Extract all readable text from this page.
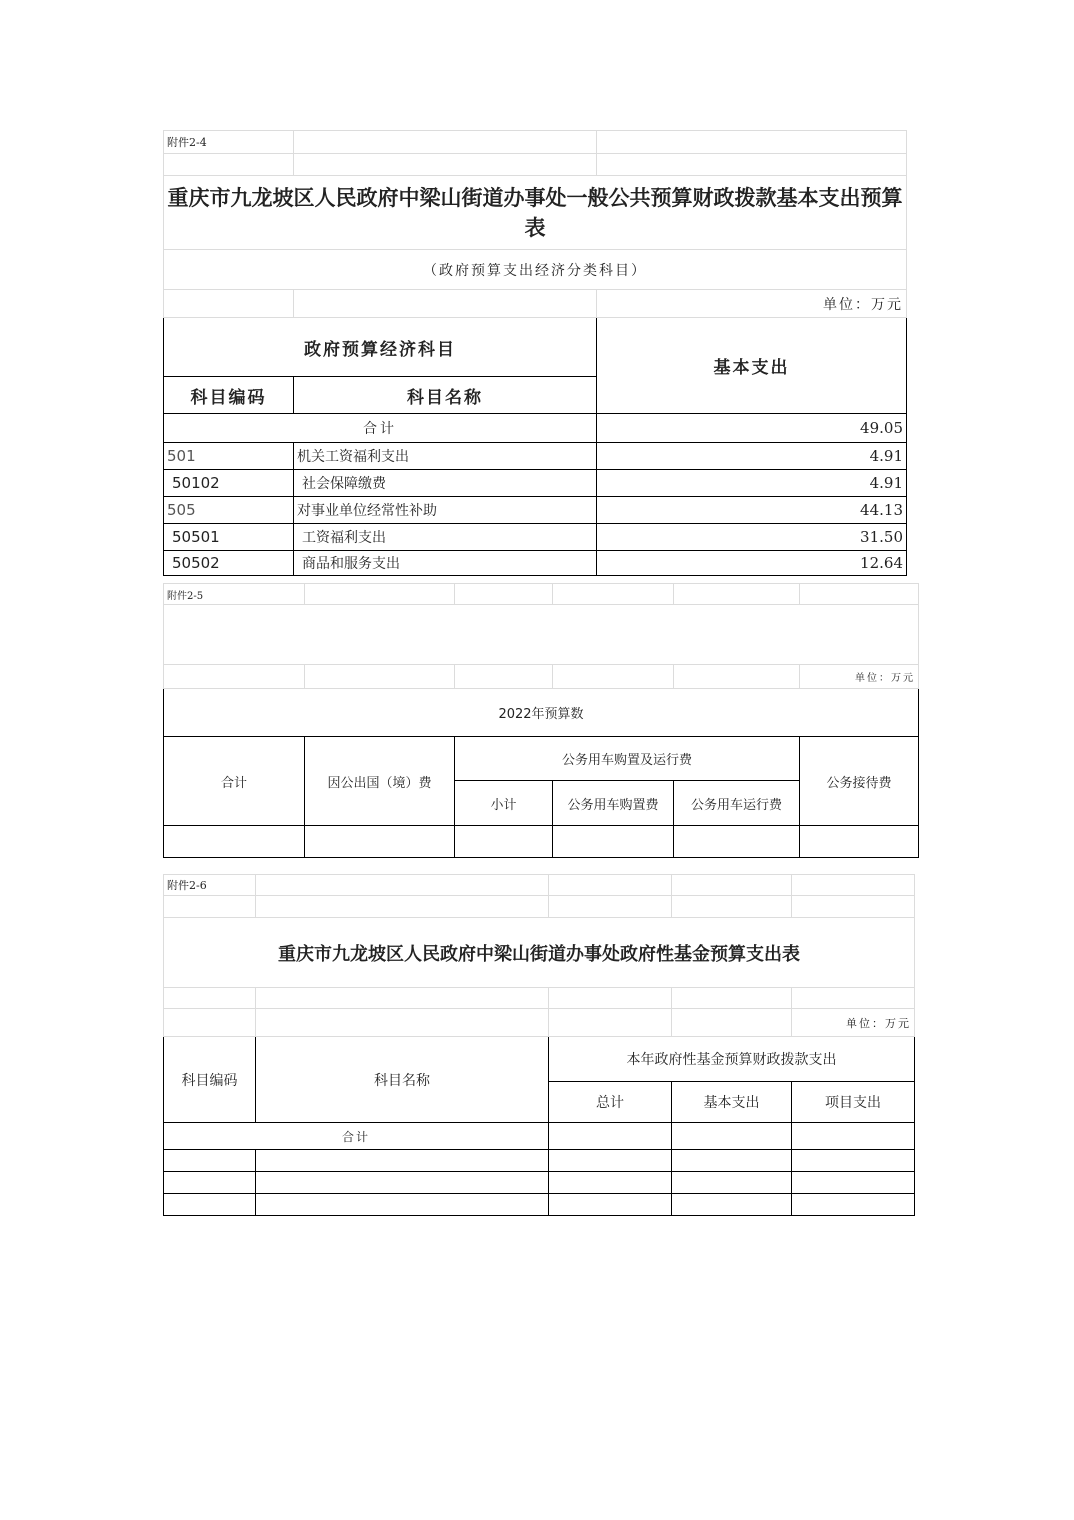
附件2-4		

重庆市九龙坡区人民政府中梁山街道办事处一般公共预算财政拨款基本支出预算表		
（政府预算支出经济分类科目）		
		单位：万元
政府预算经济科目		基本支出
科目编码	科目名称	
合计		49.05
501	机关工资福利支出	4.91
50102	社会保障缴费	4.91
505	对事业单位经常性补助	44.13
50501	工资福利支出	31.50
50502	商品和服务支出	12.64
附件2-5					

					单位：万元
2022年预算数					
合计	因公出国（境）费	公务用车购置及运行费			公务接待费
		小计	公务用车购置费	公务用车运行费	

附件2-6				

重庆市九龙坡区人民政府中梁山街道办事处政府性基金预算支出表				

				单位：万元
科目编码	科目名称	本年政府性基金预算财政拨款支出		
		总计	基本支出	项目支出
合计				
